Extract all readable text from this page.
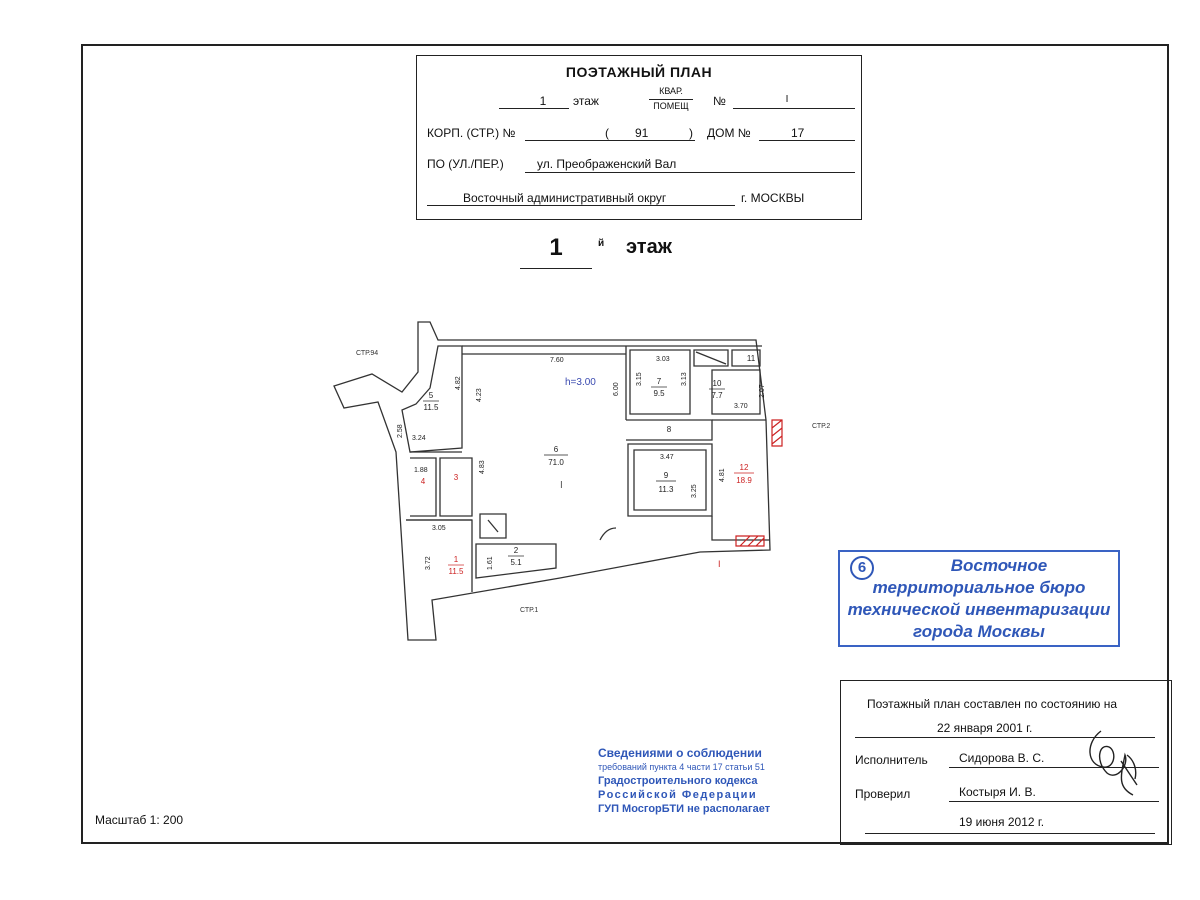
ПОЭТАЖНЫЙ ПЛАН
1	этаж
КВАР.
ПОМЕЩ	№	I
КОРП. (СТР.) №	( 91	) ДОМ №	17
ПО (УЛ./ПЕР.)	ул. Преображенский Вал
Восточный административный округ	г. МОСКВЫ
1	й этаж
СТР.94
СТР.2
СТР.1
h=3.00
I
I
7.60	3.03
3.15	3.13
6.00
4.82
4.23
2.58
3.24
1.88	4.83
3.47
3.25
4.81
2.07
3.70
3.05
3.72	1.61
1
11.5
2
5.1
3
4
5
11.5
6
71.0
7
9.5
8
9
11.3
10
7.7
11
12
18.9
6	Восточное
территориальное бюро
технической инвентаризации
города Москвы
Сведениями о соблюдении
требований пункта 4 части 17 статьи 51
Градостроительного кодекса
Российской Федерации
ГУП МосгорБТИ не располагает
Поэтажный план составлен по состоянию на
22 января 2001 г.
Исполнитель	Сидорова В. С.
Проверил	Костыря И. В.
19 июня 2012 г.
Масштаб 1: 200
